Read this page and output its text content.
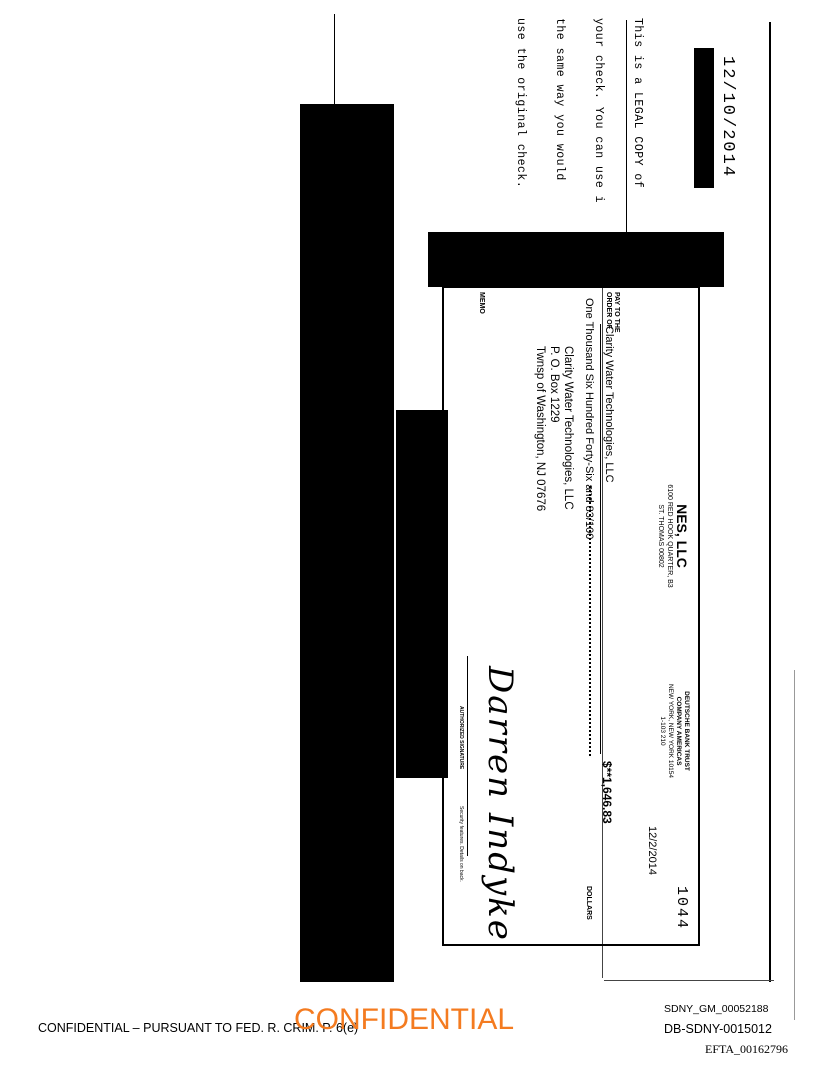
This is a LEGAL COPY of

your check. You can use i

the same way you would

use the original check.

	12/10/2014
NES, LLC
6100 RED HOOK QUARTER, B3
ST. THOMAS 00802
DEUTSCHE BANK TRUST
COMPANY AMERICAS
NEW YORK, NEW YORK 10154
1-103 210
1044
12/2/2014
PAY TO THE
ORDER OF
Clarity Water Technologies, LLC
$**1,646.83
One Thousand Six Hundred Forty-Six and 83/100
DOLLARS
Clarity Water Technologies, LLC
P. O. Box 1229
Twnsp of Washington, NJ 07676
MEMO
Darren Indyke
AUTHORIZED SIGNATURE
Security features. Details on back.
CONFIDENTIAL – PURSUANT TO FED. R. CRIM. P. 6(e)
CONFIDENTIAL	SDNY_GM_00052188
DB-SDNY-0015012
EFTA_00162796
